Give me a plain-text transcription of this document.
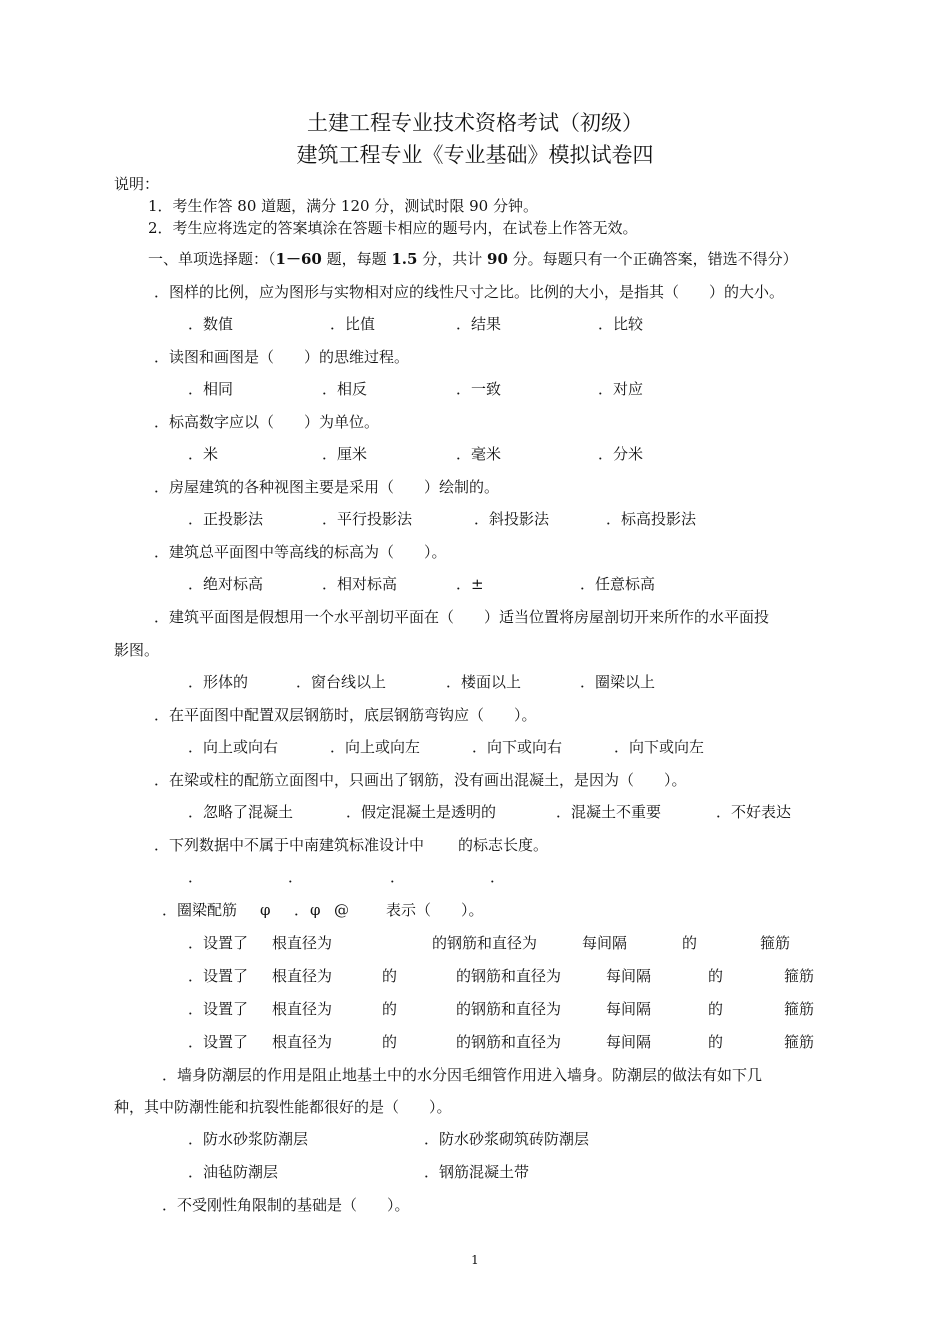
土建工程专业技术资格考试（初级）
建筑工程专业《专业基础》模拟试卷四
说明：
1．考生作答 80 道题，满分 120 分，测试时限 90 分钟。
2．考生应将选定的答案填涂在答题卡相应的题号内，在试卷上作答无效。
一、单项选择题：（1－60 题，每题 1.5 分，共计 90 分。每题只有一个正确答案，错选不得分）
．图样的比例，应为图形与实物相对应的线性尺寸之比。比例的大小，是指其（　　）的大小。
．数值	．比值	．结果	．比较
．读图和画图是（　　）的思维过程。
．相同	．相反	．一致	．对应
．标高数字应以（　　）为单位。
．米	．厘米	．毫米	．分米
．房屋建筑的各种视图主要是采用（　　）绘制的。
．正投影法	．平行投影法	．斜投影法	．标高投影法
．建筑总平面图中等高线的标高为（　　）。
．绝对标高	．相对标高	．±	．任意标高
．建筑平面图是假想用一个水平剖切平面在（　　）适当位置将房屋剖切开来所作的水平面投
影图。
．形体的	．窗台线以上	．楼面以上	．圈梁以上
．在平面图中配置双层钢筋时，底层钢筋弯钩应（　　）。
．向上或向右	．向上或向左	．向下或向右	．向下或向左
．在梁或柱的配筋立面图中，只画出了钢筋，没有画出混凝土，是因为（　　）。
．忽略了混凝土	．假定混凝土是透明的	．混凝土不重要	．不好表达
．下列数据中不属于中南建筑标准设计中 的标志长度。
．	．	．	．
．圈梁配筋 φ ． φ @ 表示（　　）。
．设置了 根直径为	的钢筋和直径为	每间隔	的	箍筋
．设置了 根直径为	的	的钢筋和直径为	每间隔	的	箍筋
．设置了 根直径为	的	的钢筋和直径为	每间隔	的	箍筋
．设置了 根直径为	的	的钢筋和直径为	每间隔	的	箍筋
．墙身防潮层的作用是阻止地基土中的水分因毛细管作用进入墙身。防潮层的做法有如下几
种，其中防潮性能和抗裂性能都很好的是（　　）。
．防水砂浆防潮层	．防水砂浆砌筑砖防潮层
．油毡防潮层	．钢筋混凝土带
．不受刚性角限制的基础是（　　）。
1
